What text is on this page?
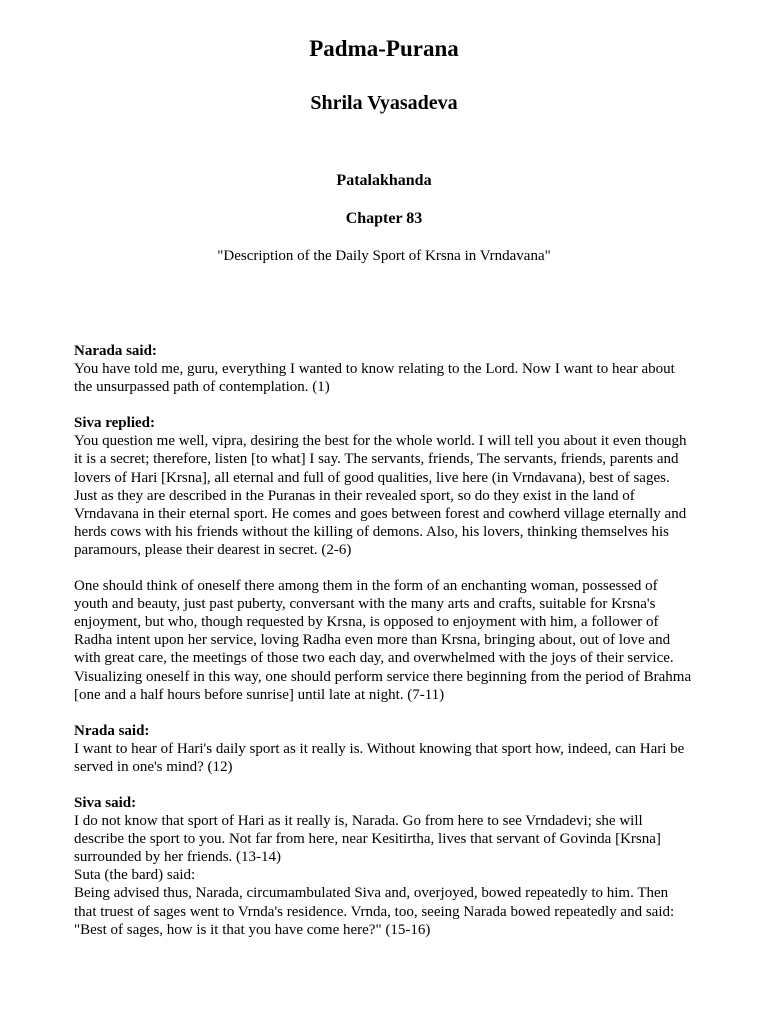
Padma-Purana
Shrila Vyasadeva
Patalakhanda
Chapter 83

"Description of the Daily Sport of Krsna in Vrndavana"

Narada said:

You have told me, guru, everything I wanted to know relating to the Lord. Now I want to hear about the unsurpassed path of contemplation. (1)

Siva replied:

You question me well, vipra, desiring the best for the whole world. I will tell you about it even though it is a secret; therefore, listen [to what] I say. The servants, friends, The servants, friends, parents and lovers of Hari [Krsna], all eternal and full of good qualities, live here (in Vrndavana), best of sages. Just as they are described in the Puranas in their revealed sport, so do they exist in the land of Vrndavana in their eternal sport. He comes and goes between forest and cowherd village eternally and herds cows with his friends without the killing of demons. Also, his lovers, thinking themselves his paramours, please their dearest in secret. (2-6)

One should think of oneself there among them in the form of an enchanting woman, possessed of youth and beauty, just past puberty, conversant with the many arts and crafts, suitable for Krsna's enjoyment, but who, though requested by Krsna, is opposed to enjoyment with him, a follower of Radha intent upon her service, loving Radha even more than Krsna, bringing about, out of love and with great care, the meetings of those two each day, and overwhelmed with the joys of their service. Visualizing oneself in this way, one should perform service there beginning from the period of Brahma [one and a half hours before sunrise] until late at night. (7-11)

Nrada said:

I want to hear of Hari's daily sport as it really is. Without knowing that sport how, indeed, can Hari be served in one's mind? (12)

Siva said:

I do not know that sport of Hari as it really is, Narada. Go from here to see Vrndadevi; she will describe the sport to you. Not far from here, near Kesitirtha, lives that servant of Govinda [Krsna] surrounded by her friends. (13-14)

Suta (the bard) said:

Being advised thus, Narada, circumambulated Siva and, overjoyed, bowed repeatedly to him. Then that truest of sages went to Vrnda's residence. Vrnda, too, seeing Narada bowed repeatedly and said: "Best of sages, how is it that you have come here?" (15-16)
